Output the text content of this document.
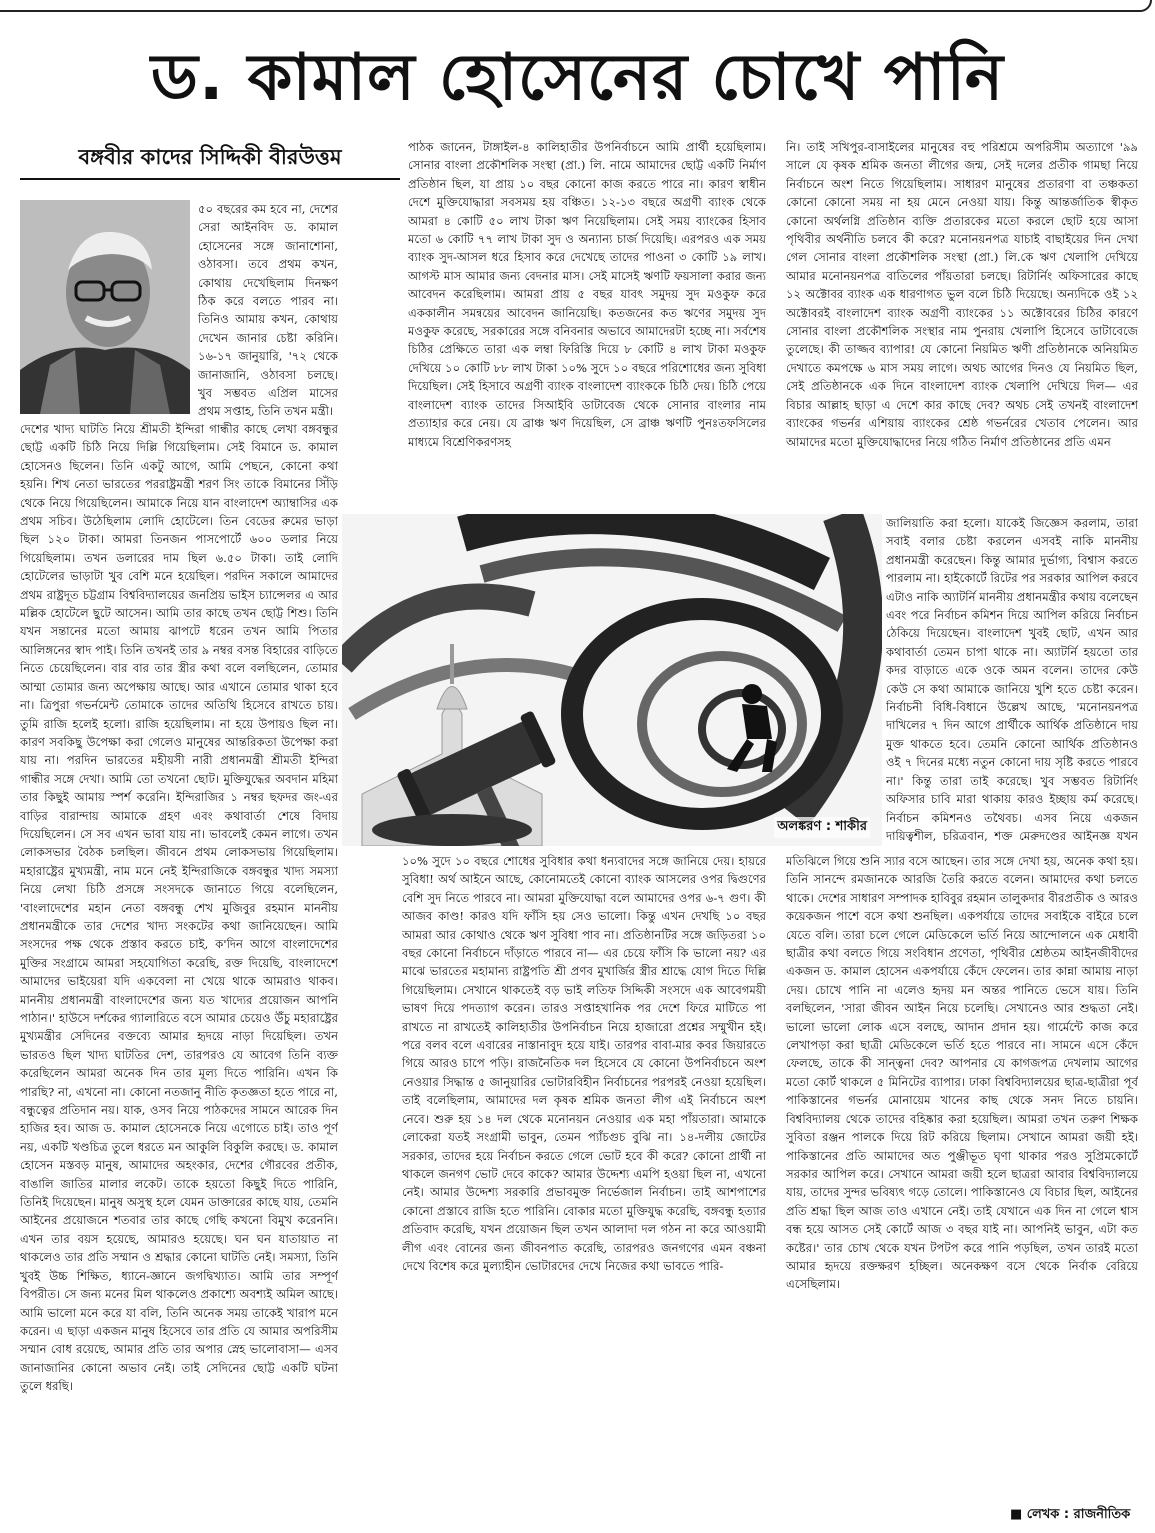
ড. কামাল হোসেনের চোখে পানি
বঙ্গবীর কাদের সিদ্দিকী বীরউত্তম
৫০ বছরের কম হবে না, দেশের সেরা আইনবিদ ড. কামাল হোসেনের সঙ্গে জানাশোনা, ওঠাবসা। তবে প্রথম কখন, কোথায় দেখেছিলাম দিনক্ষণ ঠিক করে বলতে পারব না। তিনিও আমায় কখন, কোথায় দেখেন জানার চেষ্টা করিনি। ১৬-১৭ জানুয়ারি, '৭২ থেকে জানাজানি, ওঠাবসা চলছে। খুব সম্ভবত এপ্রিল মাসের প্রথম সপ্তাহ, তিনি তখন মন্ত্রী।
দেশের খাদ্য ঘাটতি নিয়ে শ্রীমতী ইন্দিরা গান্ধীর কাছে লেখা বঙ্গবন্ধুর ছোট্ট একটি চিঠি নিয়ে দিল্লি গিয়েছিলাম। সেই বিমানে ড. কামাল হোসেনও ছিলেন। তিনি একটু আগে, আমি পেছনে, কোনো কথা হয়নি। শিখ নেতা ভারতের পররাষ্ট্রমন্ত্রী শরণ সিং তাকে বিমানের সিঁড়ি থেকে নিয়ে গিয়েছিলেন। আমাকে নিয়ে যান বাংলাদেশ অ্যাম্বাসির এক প্রথম সচিব। উঠেছিলাম লোদি হোটেলে। তিন বেডের রুমের ভাড়া ছিল ১২০ টাকা। আমরা তিনজন পাসপোর্টে ৬০০ ডলার নিয়ে গিয়েছিলাম। তখন ডলারের দাম ছিল ৬.৫০ টাকা। তাই লোদি হোটেলের ভাড়াটা খুব বেশি মনে হয়েছিল। পরদিন সকালে আমাদের প্রথম রাষ্ট্রদূত চট্টগ্রাম বিশ্ববিদ্যালয়ের জনপ্রিয় ভাইস চ্যান্সেলর এ আর মল্লিক হোটেলে ছুটে আসেন। আমি তার কাছে তখন ছোট্ট শিশু। তিনি যখন সন্তানের মতো আমায় ঝাপটে ধরেন তখন আমি পিতার আলিঙ্গনের স্বাদ পাই। তিনি তখনই তার ৯ নম্বর বসন্ত বিহারের বাড়িতে নিতে চেয়েছিলেন। বার বার তার স্ত্রীর কথা বলে বলছিলেন, তোমার আম্মা তোমার জন্য অপেক্ষায় আছে। আর এখানে তোমার থাকা হবে না। ত্রিপুরা গভর্নমেন্ট তোমাকে তাদের অতিথি হিসেবে রাখতে চায়। তুমি রাজি হলেই হলো। রাজি হয়েছিলাম। না হয়ে উপায়ও ছিল না। কারণ সবকিছু উপেক্ষা করা গেলেও মানুষের আন্তরিকতা উপেক্ষা করা যায় না। পরদিন ভারতের মহীয়সী নারী প্রধানমন্ত্রী শ্রীমতী ইন্দিরা গান্ধীর সঙ্গে দেখা। আমি তো তখনো ছোট। মুক্তিযুদ্ধের অবদান মহিমা তার কিছুই আমায় স্পর্শ করেনি। ইন্দিরাজির ১ নম্বর ছফদর জং-এর বাড়ির বারান্দায় আমাকে গ্রহণ এবং কথাবার্তা শেষে বিদায় দিয়েছিলেন। সে সব এখন ভাবা যায় না। ভাবলেই কেমন লাগে। তখন লোকসভার বৈঠক চলছিল। জীবনে প্রথম লোকসভায় গিয়েছিলাম। মহারাষ্ট্রের মুখ্যমন্ত্রী, নাম মনে নেই ইন্দিরাজিকে বঙ্গবন্ধুর খাদ্য সমস্যা নিয়ে লেখা চিঠি প্রসঙ্গে সংসদকে জানাতে গিয়ে বলেছিলেন, 'বাংলাদেশের মহান নেতা বঙ্গবন্ধু শেখ মুজিবুর রহমান মাননীয় প্রধানমন্ত্রীকে তার দেশের খাদ্য সংকটের কথা জানিয়েছেন। আমি সংসদের পক্ষ থেকে প্রস্তাব করতে চাই, ক'দিন আগে বাংলাদেশের মুক্তির সংগ্রামে আমরা সহযোগিতা করেছি, রক্ত দিয়েছি, বাংলাদেশে আমাদের ভাইয়েরা যদি একবেলা না খেয়ে থাকে আমরাও থাকব। মাননীয় প্রধানমন্ত্রী বাংলাদেশের জন্য যত খাদ্যের প্রয়োজন আপনি পাঠান।' হাউসে দর্শকের গ্যালারিতে বসে আমার চেয়েও উঁচু মহারাষ্ট্রের মুখ্যমন্ত্রীর সেদিনের বক্তব্যে আমার হৃদয়ে নাড়া দিয়েছিল। তখন ভারতও ছিল খাদ্য ঘাটতির দেশ, তারপরও যে আবেগ তিনি ব্যক্ত করেছিলেন আমরা অনেক দিন তার মূল্য দিতে পারিনি। এখন কি পারছি? না, এখনো না। কোনো নতজানু নীতি কৃতজ্ঞতা হতে পারে না, বন্ধুত্বের প্রতিদান নয়। যাক, ওসব নিয়ে পাঠকদের সামনে আরেক দিন হাজির হব। আজ ড. কামাল হোসেনকে নিয়ে এগোতে চাই। তাও পূর্ণ নয়, একটি খণ্ডচিত্র তুলে ধরতে মন আকুলি বিকুলি করছে। ড. কামাল হোসেন মস্তবড় মানুষ, আমাদের অহংকার, দেশের গৌরবের প্রতীক, বাঙালি জাতির মালার লকেট। তাকে হয়তো কিছুই দিতে পারিনি, তিনিই দিয়েছেন। মানুষ অসুস্থ হলে যেমন ডাক্তারের কাছে যায়, তেমনি আইনের প্রয়োজনে শতবার তার কাছে গেছি কখনো বিমুখ করেননি। এখন তার বয়স হয়েছে, আমারও হয়েছে। ঘন ঘন যাতায়াত না থাকলেও তার প্রতি সম্মান ও শ্রদ্ধার কোনো ঘাটতি নেই। সমস্যা, তিনি খুবই উচ্চ শিক্ষিত, ধ্যানে-জ্ঞানে জগদ্বিখ্যাত। আমি তার সম্পূর্ণ বিপরীত। সে জন্য মনের মিল থাকলেও প্রকাশ্যে অবশ্যই অমিল আছে। আমি ভালো মনে করে যা বলি, তিনি অনেক সময় তাকেই খারাপ মনে করেন। এ ছাড়া একজন মানুষ হিসেবে তার প্রতি যে আমার অপরিসীম সম্মান বোধ রয়েছে, আমার প্রতি তার অপার স্নেহ ভালোবাসা— এসব জানাজানির কোনো অভাব নেই। তাই সেদিনের ছোট্ট একটি ঘটনা তুলে ধরছি।
পাঠক জানেন, টাঙ্গাইল-৪ কালিহাতীর উপনির্বাচনে আমি প্রার্থী হয়েছিলাম। সোনার বাংলা প্রকৌশলিক সংস্থা (প্রা.) লি. নামে আমাদের ছোট্ট একটি নির্মাণ প্রতিষ্ঠান ছিল, যা প্রায় ১০ বছর কোনো কাজ করতে পারে না। কারণ স্বাধীন দেশে মুক্তিযোদ্ধারা সবসময় হয় বঞ্চিত। ১২-১৩ বছরে অগ্রণী ব্যাংক থেকে আমরা ৪ কোটি ৫০ লাখ টাকা ঋণ নিয়েছিলাম। সেই সময় ব্যাংকের হিসাব মতো ৬ কোটি ৭৭ লাখ টাকা সুদ ও অন্যান্য চার্জ দিয়েছি। এরপরও এক সময় ব্যাংক সুদ-আসল ধরে হিসাব করে দেখেছে তাদের পাওনা ৩ কোটি ১৯ লাখ। আগস্ট মাস আমার জন্য বেদনার মাস। সেই মাসেই ঋণটি ফয়সালা করার জন্য আবেদন করেছিলাম। আমরা প্রায় ৫ বছর যাবৎ সমুদয় সুদ মওকুফ করে এককালীন সমন্বয়ের আবেদন জানিয়েছি। কতজনের কত ঋণের সমুদয় সুদ মওকুফ করেছে, সরকারের সঙ্গে বনিবনার অভাবে আমাদেরটা হচ্ছে না। সর্বশেষ চিঠির প্রেক্ষিতে তারা এক লম্বা ফিরিস্তি দিয়ে ৮ কোটি ৪ লাখ টাকা মওকুফ দেখিয়ে ১০ কোটি ৮৮ লাখ টাকা ১০% সুদে ১০ বছরে পরিশোধের জন্য সুবিধা দিয়েছিল। সেই হিসাবে অগ্রণী ব্যাংক বাংলাদেশ ব্যাংককে চিঠি দেয়। চিঠি পেয়ে বাংলাদেশ ব্যাংক তাদের সিআইবি ডাটাবেজ থেকে সোনার বাংলার নাম প্রত্যাহার করে নেয়। যে ব্রাঞ্চ ঋণ দিয়েছিল, সে ব্রাঞ্চ ঋণটি পুনঃতফসিলের মাধ্যমে বিশ্রেণিকরণসহ
অলঙ্করণ : শাকীর
১০% সুদে ১০ বছরে শোধের সুবিধার কথা ধন্যবাদের সঙ্গে জানিয়ে দেয়। হায়রে সুবিধা! অর্থ আইনে আছে, কোনোমতেই কোনো ব্যাংক আসলের ওপর দ্বিগুণের বেশি সুদ নিতে পারবে না। আমরা মুক্তিযোদ্ধা বলে আমাদের ওপর ৬-৭ গুণ। কী আজব কাণ্ড! কারও যদি ফাঁসি হয় সেও ভালো। কিন্তু এখন দেখছি ১০ বছর আমরা আর কোথাও থেকে ঋণ সুবিধা পাব না। প্রতিষ্ঠানটির সঙ্গে জড়িতরা ১০ বছর কোনো নির্বাচনে দাঁড়াতে পারবে না— এর চেয়ে ফাঁসি কি ভালো নয়? এর মাঝে ভারতের মহামান্য রাষ্ট্রপতি শ্রী প্রণব মুখার্জির স্ত্রীর শ্রাদ্ধে যোগ দিতে দিল্লি গিয়েছিলাম। সেখানে থাকতেই বড় ভাই লতিফ সিদ্দিকী সংসদে এক আবেগময়ী ভাষণ দিয়ে পদত্যাগ করেন। তারও সপ্তাহখানিক পর দেশে ফিরে মাটিতে পা রাখতে না রাখতেই কালিহাতীর উপনির্বাচন নিয়ে হাজারো প্রশ্নের সম্মুখীন হই। পরে বলব বলে এবারের নাস্তানাবুদ হয়ে যাই। তারপর বাবা-মার কবর জিয়ারতে গিয়ে আরও চাপে পড়ি। রাজনৈতিক দল হিসেবে যে কোনো উপনির্বাচনে অংশ নেওয়ার সিদ্ধান্ত ৫ জানুয়ারির ভোটারবিহীন নির্বাচনের পরপরই নেওয়া হয়েছিল। তাই বলেছিলাম, আমাদের দল কৃষক শ্রমিক জনতা লীগ এই নির্বাচনে অংশ নেবে। শুরু হয় ১৪ দল থেকে মনোনয়ন নেওয়ার এক মহা পাঁয়তারা। আমাকে লোকেরা যতই সংগ্রামী ভাবুন, তেমন প্যাঁচগুচ বুঝি না। ১৪-দলীয় জোটের সরকার, তাদের হয়ে নির্বাচন করতে গেলে ভোট হবে কী করে? কোনো প্রার্থী না থাকলে জনগণ ভোট দেবে কাকে? আমার উদ্দেশ্য এমপি হওয়া ছিল না, এখনো নেই। আমার উদ্দেশ্য সরকারি প্রভাবমুক্ত নির্ভেজাল নির্বাচন। তাই আশপাশের কোনো প্রস্তাবে রাজি হতে পারিনি। বোকার মতো মুক্তিযুদ্ধ করেছি, বঙ্গবন্ধু হত্যার প্রতিবাদ করেছি, যখন প্রয়োজন ছিল তখন আলাদা দল গঠন না করে আওয়ামী লীগ এবং বোনের জন্য জীবনপাত করেছি, তারপরও জনগণের এমন বঞ্চনা দেখে বিশেষ করে মুল্যাহীন ভোটারদের দেখে নিজের কথা ভাবতে পারি-
নি। তাই সখিপুর-বাসাইলের মানুষের বহু পরিশ্রমে অপরিসীম অত্যাগে '৯৯ সালে যে কৃষক শ্রমিক জনতা লীগের জন্ম, সেই দলের প্রতীক গামছা নিয়ে নির্বাচনে অংশ নিতে গিয়েছিলাম। সাধারণ মানুষের প্রতারণা বা তঞ্চকতা কোনো কোনো সময় না হয় মেনে নেওয়া যায়। কিন্তু আন্তর্জাতিক স্বীকৃত কোনো অর্থলগ্নি প্রতিষ্ঠান ব্যক্তি প্রতারকের মতো করলে ছোট হয়ে আসা পৃথিবীর অর্থনীতি চলবে কী করে? মনোনয়নপত্র যাচাই বাছাইয়ের দিন দেখা গেল সোনার বাংলা প্রকৌশলিক সংস্থা (প্রা.) লি.কে ঋণ খেলাপি দেখিয়ে আমার মনোনয়নপত্র বাতিলের পাঁয়তারা চলছে। রিটার্নিং অফিসারের কাছে ১২ অক্টোবর ব্যাংক এক ধারণাগত ভুল বলে চিঠি দিয়েছে। অন্যদিকে ওই ১২ অক্টোবরই বাংলাদেশ ব্যাংক অগ্রণী ব্যাংকের ১১ অক্টোবরের চিঠির কারণে সোনার বাংলা প্রকৌশলিক সংস্থার নাম পুনরায় খেলাপি হিসেবে ডাটাবেজে তুলেছে। কী তাজ্জব ব্যাপার! যে কোনো নিয়মিত ঋণী প্রতিষ্ঠানকে অনিয়মিত দেখাতে কমপক্ষে ৬ মাস সময় লাগে। অথচ আগের দিনও যে নিয়মিত ছিল, সেই প্রতিষ্ঠানকে এক দিনে বাংলাদেশ ব্যাংক খেলাপি দেখিয়ে দিল— এর বিচার আল্লাহ ছাড়া এ দেশে কার কাছে দেব? অথচ সেই তখনই বাংলাদেশ ব্যাংকের গভর্নর এশিয়ায় ব্যাংকের শ্রেষ্ঠ গভর্নরের খেতাব পেলেন। আর আমাদের মতো মুক্তিযোদ্ধাদের নিয়ে গঠিত নির্মাণ প্রতিষ্ঠানের প্রতি এমন
জালিয়াতি করা হলো। যাকেই জিজ্ঞেস করলাম, তারা সবাই বলার চেষ্টা করলেন এসবই নাকি মাননীয় প্রধানমন্ত্রী করেছেন। কিন্তু আমার দুর্ভাগ্য, বিশ্বাস করতে পারলাম না। হাইকোর্টে রিটের পর সরকার আপিল করবে এটাও নাকি অ্যাটর্নি মাননীয় প্রধানমন্ত্রীর কথায় বলেছেন এবং পরে নির্বাচন কমিশন দিয়ে আপিল করিয়ে নির্বাচন ঠেকিয়ে দিয়েছেন। বাংলাদেশ খুবই ছোট, এখন আর কথাবার্তা তেমন চাপা থাকে না। অ্যাটর্নি হয়তো তার কদর বাড়াতে একে ওকে অমন বলেন। তাদের কেউ কেউ সে কথা আমাকে জানিয়ে খুশি হতে চেষ্টা করেন। নির্বাচনী বিধি-বিধানে উল্লেখ আছে, 'মনোনয়নপত্র দাখিলের ৭ দিন আগে প্রার্থীকে আর্থিক প্রতিষ্ঠানে দায় মুক্ত থাকতে হবে। তেমনি কোনো আর্থিক প্রতিষ্ঠানও ওই ৭ দিনের মধ্যে নতুন কোনো দায় সৃষ্টি করতে পারবে না।' কিন্তু তারা তাই করেছে। খুব সম্ভবত রিটার্নিং অফিসার চাবি মারা থাকায় কারও ইচ্ছায় কর্ম করেছে। নির্বাচন কমিশনও তথৈবচ। এসব নিয়ে একজন দায়িত্বশীল, চরিত্রবান, শক্ত মেরুদণ্ডের আইনজ্ঞ যখন
মতিঝিলে গিয়ে শুনি স্যার বসে আছেন। তার সঙ্গে দেখা হয়, অনেক কথা হয়। তিনি সানন্দে রমজানকে আরজি তৈরি করতে বলেন। আমাদের কথা চলতে থাকে। দেশের সাধারণ সম্পাদক হাবিবুর রহমান তালুকদার বীরপ্রতীক ও আরও কয়েকজন পাশে বসে কথা শুনছিল। একপর্যায়ে তাদের সবাইকে বাইরে চলে যেতে বলি। তারা চলে গেলে মেডিকেলে ভর্তি নিয়ে আন্দোলনে এক মেধাবী ছাত্রীর কথা বলতে গিয়ে সংবিধান প্রণেতা, পৃথিবীর শ্রেষ্ঠতম আইনজীবীদের একজন ড. কামাল হোসেন একপর্যায়ে কেঁদে ফেলেন। তার কান্না আমায় নাড়া দেয়। চোখে পানি না এলেও হৃদয় মন অন্তর পানিতে ভেসে যায়। তিনি বলছিলেন, 'সারা জীবন আইন নিয়ে চলেছি। সেখানেও আর শুদ্ধতা নেই। ভালো ভালো লোক এসে বলছে, আদান প্রদান হয়। গার্মেন্টে কাজ করে লেখাপড়া করা ছাত্রী মেডিকেলে ভর্তি হতে পারবে না। সামনে এসে কেঁদে ফেলছে, তাকে কী সান্ত্বনা দেব? আপনার যে কাগজপত্র দেখলাম আগের মতো কোর্ট থাকলে ৫ মিনিটের ব্যাপার। ঢাকা বিশ্ববিদ্যালয়ের ছাত্র-ছাত্রীরা পূর্ব পাকিস্তানের গভর্নর মোনায়েম খানের কাছ থেকে সনদ নিতে চায়নি। বিশ্ববিদ্যালয় থেকে তাদের বহিষ্কার করা হয়েছিল। আমরা তখন তরুণ শিক্ষক সুবিতা রঞ্জন পালকে দিয়ে রিট করিয়ে ছিলাম। সেখানে আমরা জয়ী হই। পাকিস্তানের প্রতি আমাদের অত পুঞ্জীভূত ঘৃণা থাকার পরও সুপ্রিমকোর্টে সরকার আপিল করে। সেখানে আমরা জয়ী হলে ছাত্ররা আবার বিশ্ববিদ্যালয়ে যায়, তাদের সুন্দর ভবিষ্যৎ গড়ে তোলে। পাকিস্তানেও যে বিচার ছিল, আইনের প্রতি শ্রদ্ধা ছিল আজ তাও এখানে নেই। তাই যেখানে এক দিন না গেলে শ্বাস বন্ধ হয়ে আসত সেই কোর্টে আজ ৩ বছর যাই না। আপনিই ভাবুন, এটা কত কষ্টের।' তার চোখ থেকে যখন টপটপ করে পানি পড়ছিল, তখন তারই মতো আমার হৃদয়ে রক্তক্ষরণ হচ্ছিল। অনেকক্ষণ বসে থেকে নির্বাক বেরিয়ে এসেছিলাম।
■ লেখক : রাজনীতিক
